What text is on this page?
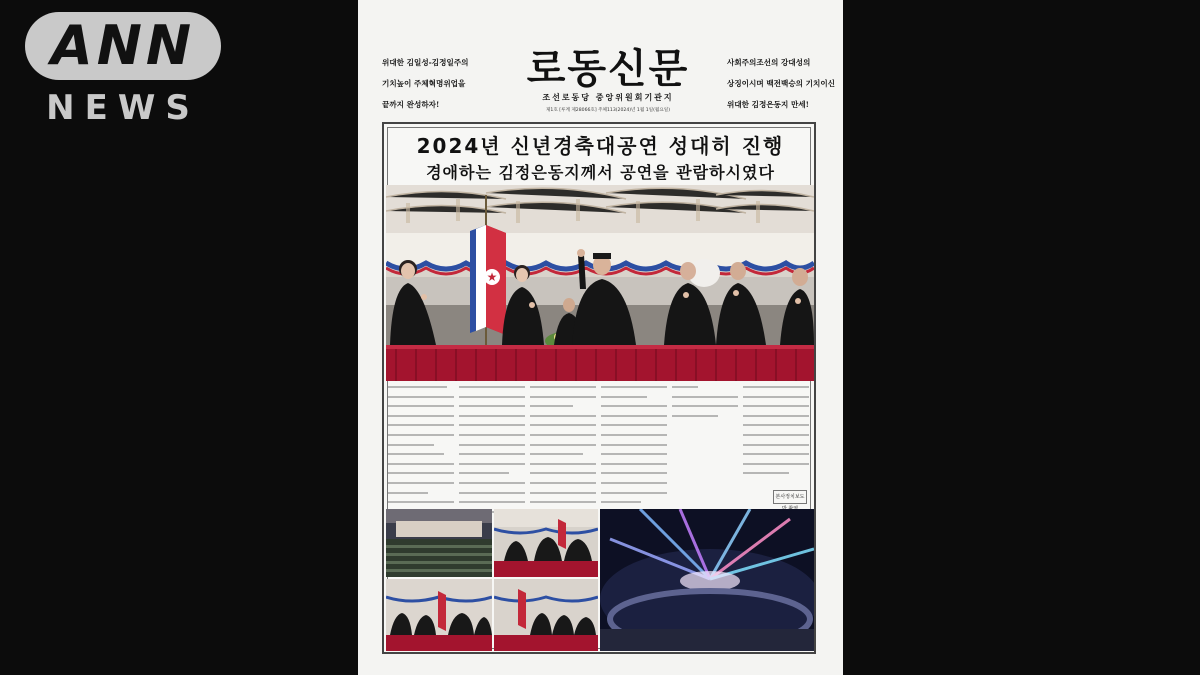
ANN
NEWS
위대한 김일성-김정일주의
기치높이 주체혁명위업을
끝까지 완성하자!
로동신문
조선로동당 중앙위원회기관지
제1호 [루계 제28066호] 주체113(2024)년 1월 1일(월요일)
사회주의조선의 강대성의
상징이시며 백전백승의 기치이신
위대한 김정은동지 만세!
2024년 신년경축대공연 성대히 진행
경애하는 김정은동지께서 공연을 관람하시였다
★
본사정치보도
